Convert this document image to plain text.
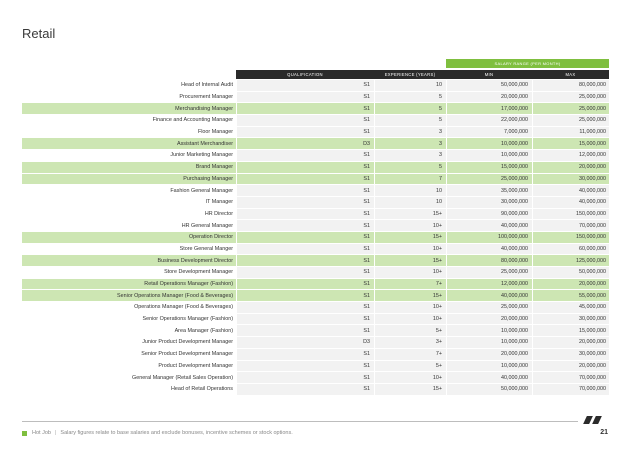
Retail
SALARY RANGE (PER MONTH)
	QUALIFICATION	EXPERIENCE (YEARS)	MIN	MAX
Head of Internal Audit	S1	10	50,000,000	80,000,000
Procurement Manager	S1	5	20,000,000	25,000,000
Merchandising Manager	S1	5	17,000,000	25,000,000
Finance and Accounting Manager	S1	5	22,000,000	25,000,000
Floor Manager	S1	3	7,000,000	11,000,000
Assistant Merchandiser	D3	3	10,000,000	15,000,000
Junior Marketing Manager	S1	3	10,000,000	12,000,000
Brand Manager	S1	5	15,000,000	20,000,000
Purchasing Manager	S1	7	25,000,000	30,000,000
Fashion General Manager	S1	10	35,000,000	40,000,000
IT Manager	S1	10	30,000,000	40,000,000
HR Director	S1	15+	90,000,000	150,000,000
HR General Manager	S1	10+	40,000,000	70,000,000
Operation Director	S1	15+	100,000,000	150,000,000
Store General Manger	S1	10+	40,000,000	60,000,000
Business Development Director	S1	15+	80,000,000	125,000,000
Store Development Manager	S1	10+	25,000,000	50,000,000
Retail Operations Manager (Fashion)	S1	7+	12,000,000	20,000,000
Senior Operations Manager (Food & Beverages)	S1	15+	40,000,000	55,000,000
Operations Manager (Food & Beverages)	S1	10+	25,000,000	45,000,000
Senior Operations Manager (Fashion)	S1	10+	20,000,000	30,000,000
Area Manager (Fashion)	S1	5+	10,000,000	15,000,000
Junior Product Development Manager	D3	3+	10,000,000	20,000,000
Senior Product Development Manager	S1	7+	20,000,000	30,000,000
Product Development Manager	S1	5+	10,000,000	20,000,000
General Manager (Retail Sales Operation)	S1	10+	40,000,000	70,000,000
Head of Retail Operations	S1	15+	50,000,000	70,000,000
Hot Job | Salary figures relate to base salaries and exclude bonuses, incentive schemes or stock options.	21
